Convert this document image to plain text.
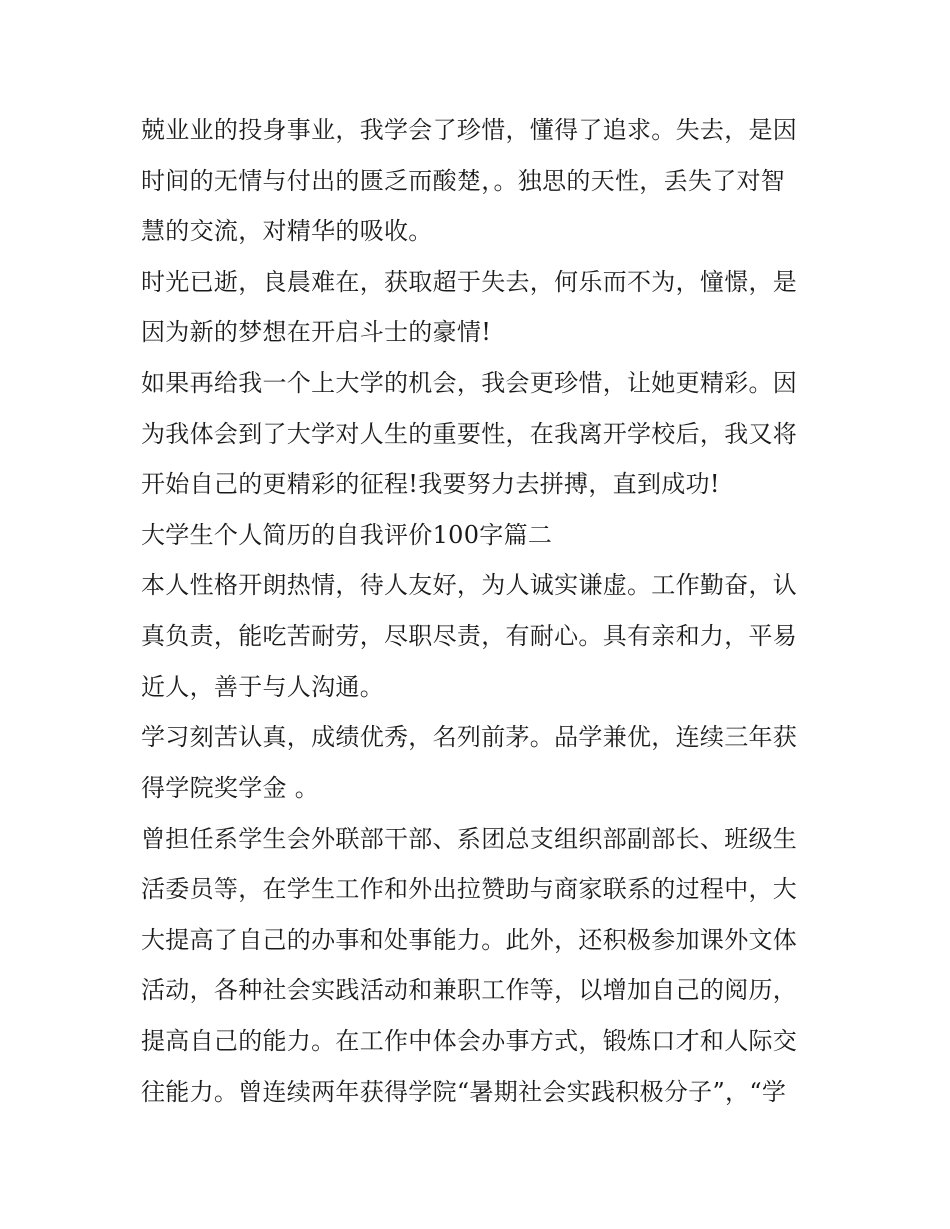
兢业业的投身事业，我学会了珍惜，懂得了追求。失去，是因
时间的无情与付出的匮乏而酸楚，。独思的天性，丢失了对智
慧的交流，对精华的吸收。
时光已逝，良晨难在，获取超于失去，何乐而不为，憧憬，是
因为新的梦想在开启斗士的豪情!
如果再给我一个上大学的机会，我会更珍惜，让她更精彩。因
为我体会到了大学对人生的重要性，在我离开学校后，我又将
开始自己的更精彩的征程!我要努力去拼搏，直到成功!
大学生个人简历的自我评价100字篇二
本人性格开朗热情，待人友好，为人诚实谦虚。工作勤奋，认
真负责，能吃苦耐劳，尽职尽责，有耐心。具有亲和力，平易
近人，善于与人沟通。
学习刻苦认真，成绩优秀，名列前茅。品学兼优，连续三年获
得学院奖学金 。
曾担任系学生会外联部干部、系团总支组织部副部长、班级生
活委员等，在学生工作和外出拉赞助与商家联系的过程中，大
大提高了自己的办事和处事能力。此外，还积极参加课外文体
活动，各种社会实践活动和兼职工作等，以增加自己的阅历，
提高自己的能力。在工作中体会办事方式，锻炼口才和人际交
往能力。曾连续两年获得学院“暑期社会实践积极分子”，“学
